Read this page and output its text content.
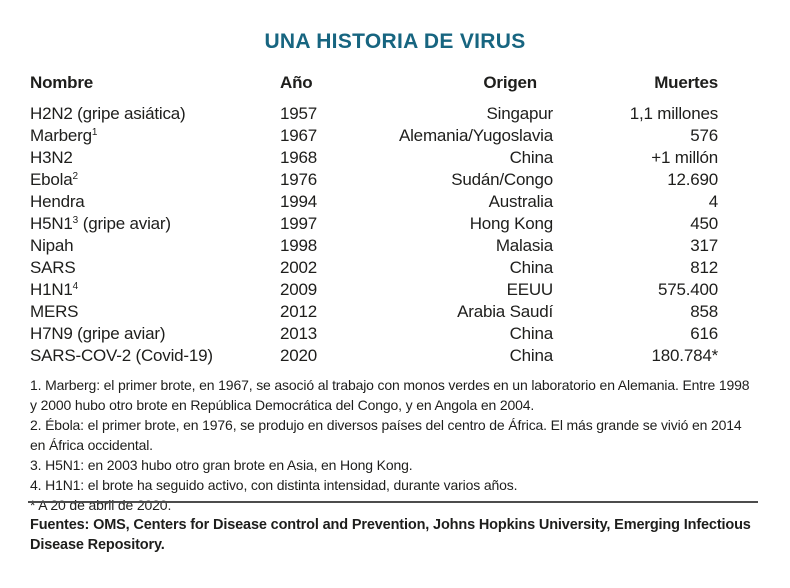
UNA HISTORIA DE VIRUS
Nombre	Año	Origen	Muertes
H2N2 (gripe asiática)	1957	Singapur	1,1 millones
Marberg$^1$	1967	Alemania/Yugoslavia	576
H3N2	1968	China	+1 millón
Ebola$^2$	1976	Sudán/Congo	12.690
Hendra	1994	Australia	4
$H5N1^3$ (gripe aviar)	1997	Hong Kong	450
Nipah	1998	Malasia	317
SARS	2002	China	812
$H1N1^4$	2009	EEUU	575.400
MERS	2012	Arabia Saudí	858
H7N9 (gripe aviar)	2013	China	616
SARS-COV-2 (Covid-19)	2020	China	180.784*

1. Marberg: el primer brote, en 1967, se asoció al trabajo con monos verdes en un laboratorio en Alemania. Entre 1998 y 2000 hubo otro brote en República Democrática del Congo, y en Angola en 2004.

2. Ébola: el primer brote, en 1976, se produjo en diversos países del centro de África. El más grande se vivió en 2014 en África occidental.

3. H5N1: en 2003 hubo otro gran brote en Asia, en Hong Kong.

4. H1N1: el brote ha seguido activo, con distinta intensidad, durante varios años.

* A 20 de abril de 2020.

Fuentes: OMS, Centers for Disease control and Prevention, Johns Hopkins University, Emerging Infectious Disease Repository.
